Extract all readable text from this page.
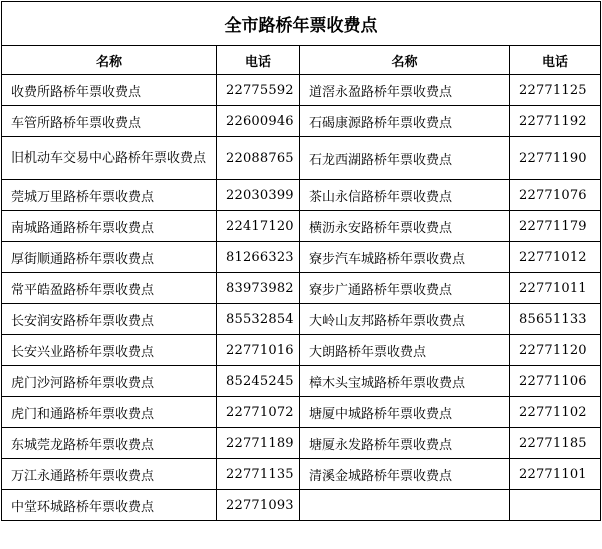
全市路桥年票收费点			
名称	电话	名称	电话
收费所路桥年票收费点	22775592	道滘永盈路桥年票收费点	22771125
车管所路桥年票收费点	22600946	石碣康源路桥年票收费点	22771192
旧机动车交易中心路桥年票收费点	22088765	石龙西湖路桥年票收费点	22771190
莞城万里路桥年票收费点	22030399	茶山永信路桥年票收费点	22771076
南城路通路桥年票收费点	22417120	横沥永安路桥年票收费点	22771179
厚街顺通路桥年票收费点	81266323	寮步汽车城路桥年票收费点	22771012
常平皓盈路桥年票收费点	83973982	寮步广通路桥年票收费点	22771011
长安润安路桥年票收费点	85532854	大岭山友邦路桥年票收费点	85651133
长安兴业路桥年票收费点	22771016	大朗路桥年票收费点	22771120
虎门沙河路桥年票收费点	85245245	樟木头宝城路桥年票收费点	22771106
虎门和通路桥年票收费点	22771072	塘厦中城路桥年票收费点	22771102
东城莞龙路桥年票收费点	22771189	塘厦永发路桥年票收费点	22771185
万江永通路桥年票收费点	22771135	清溪金城路桥年票收费点	22771101
中堂环城路桥年票收费点	22771093		
